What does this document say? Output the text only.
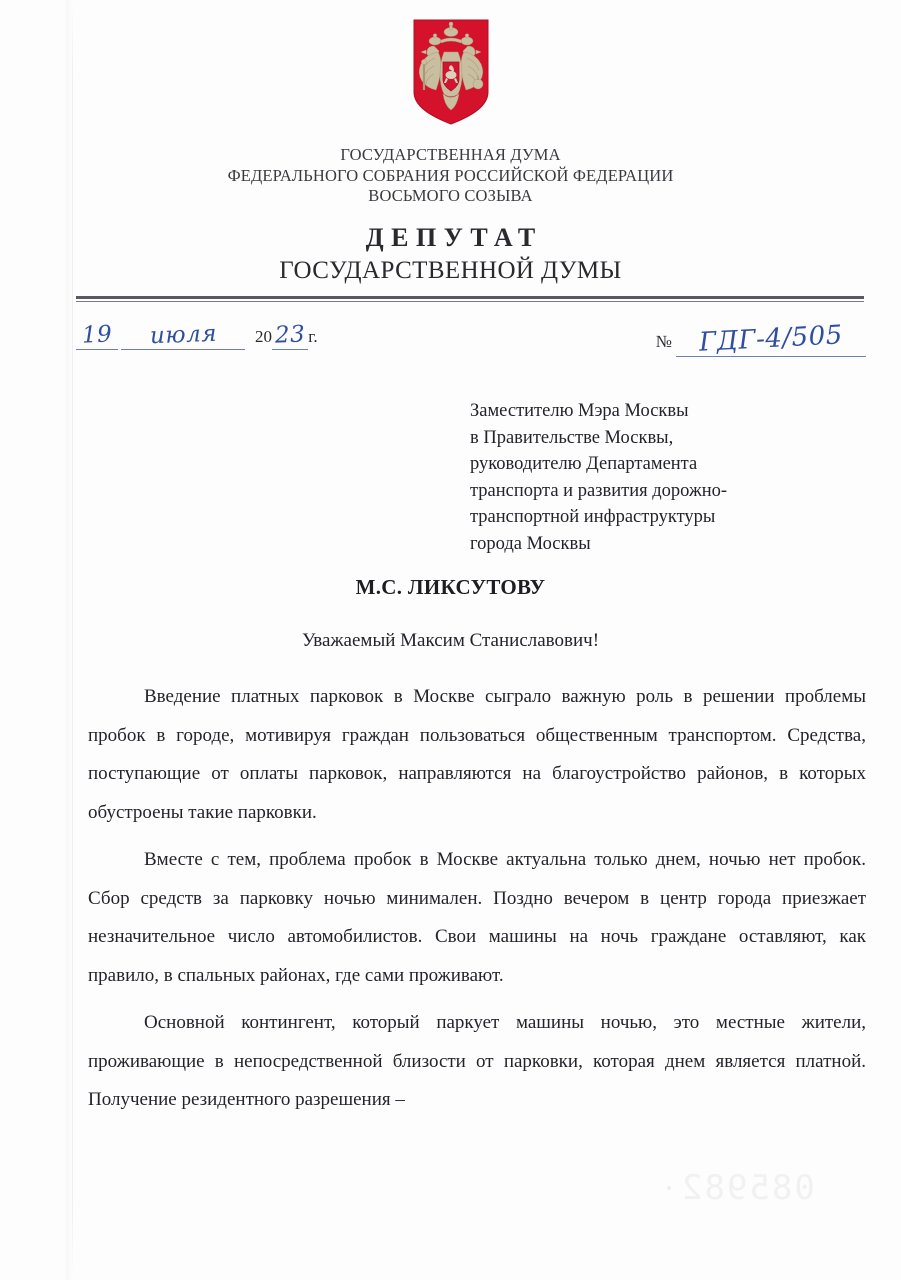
ГОСУДАРСТВЕННАЯ ДУМА
ФЕДЕРАЛЬНОГО СОБРАНИЯ РОССИЙСКОЙ ФЕДЕРАЦИИ
ВОСЬМОГО СОЗЫВА
ДЕПУТАТ
ГОСУДАРСТВЕННОЙ ДУМЫ
19	июля	20 23 г.	№	ГДГ-4/505
Заместителю Мэра Москвы
в Правительстве Москвы,
руководителю Департамента
транспорта и развития дорожно-
транспортной инфраструктуры
города Москвы
М.С. ЛИКСУТОВУ
Уважаемый Максим Станиславович!

Введение платных парковок в Москве сыграло важную роль в решении проблемы пробок в городе, мотивируя граждан пользоваться общественным транспортом. Средства, поступающие от оплаты парковок, направляются на благоустройство районов, в которых обустроены такие парковки.

Вместе с тем, проблема пробок в Москве актуальна только днем, ночью нет пробок. Сбор средств за парковку ночью минимален. Поздно вечером в центр города приезжает незначительное число автомобилистов. Свои машины на ночь граждане оставляют, как правило, в спальных районах, где сами проживают.

Основной контингент, который паркует машины ночью, это местные жители, проживающие в непосредственной близости от парковки, которая днем является платной. Получение резидентного разрешения –

085982
